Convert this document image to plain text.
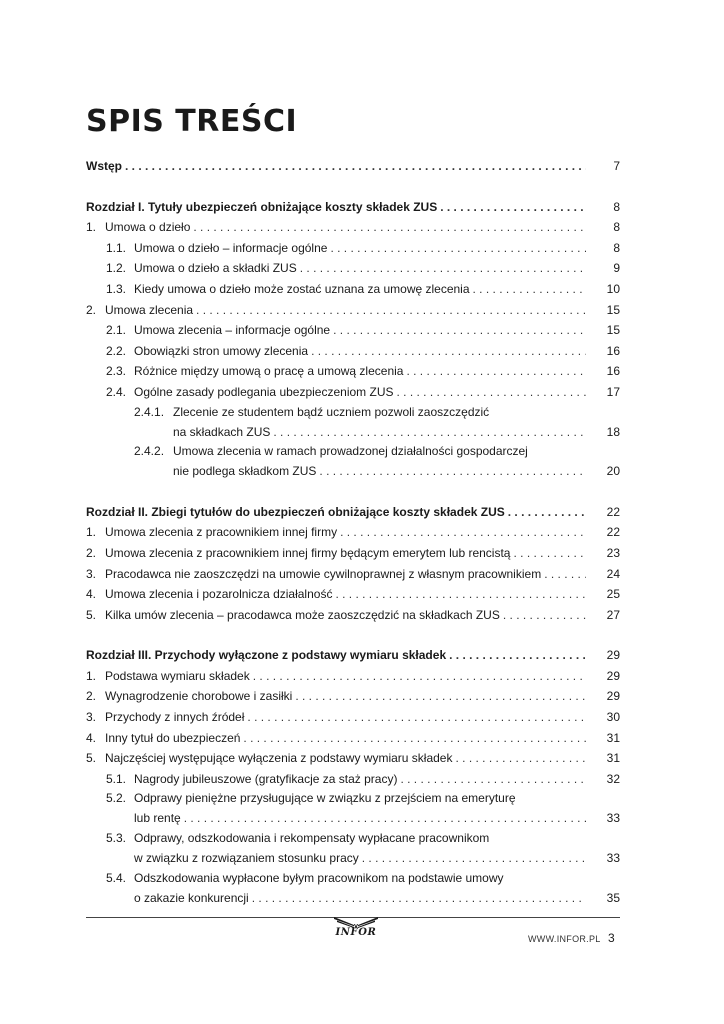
SPIS TREŚCI
Wstęp . . .	7
Rozdział I. Tytuły ubezpieczeń obniżające koszty składek ZUS . . .	8
1. Umowa o dzieło . . .	8
1.1. Umowa o dzieło – informacje ogólne . . .	8
1.2. Umowa o dzieło a składki ZUS . . .	9
1.3. Kiedy umowa o dzieło może zostać uznana za umowę zlecenia . . .	10
2. Umowa zlecenia . . .	15
2.1. Umowa zlecenia – informacje ogólne . . .	15
2.2. Obowiązki stron umowy zlecenia . . .	16
2.3. Różnice między umową o pracę a umową zlecenia . . .	16
2.4. Ogólne zasady podlegania ubezpieczeniom ZUS . . .	17
2.4.1. Zlecenie ze studentem bądź uczniem pozwoli zaoszczędzić
na składkach ZUS . . .	18
2.4.2. Umowa zlecenia w ramach prowadzonej działalności gospodarczej
nie podlega składkom ZUS . . .	20
Rozdział II. Zbiegi tytułów do ubezpieczeń obniżające koszty składek ZUS . . .	22
1. Umowa zlecenia z pracownikiem innej firmy . . .	22
2. Umowa zlecenia z pracownikiem innej firmy będącym emerytem lub rencistą . . .	23
3. Pracodawca nie zaoszczędzi na umowie cywilnoprawnej z własnym pracownikiem . . .	24
4. Umowa zlecenia i pozarolnicza działalność . . .	25
5. Kilka umów zlecenia – pracodawca może zaoszczędzić na składkach ZUS . . .	27
Rozdział III. Przychody wyłączone z podstawy wymiaru składek . . .	29
1. Podstawa wymiaru składek . . .	29
2. Wynagrodzenie chorobowe i zasiłki . . .	29
3. Przychody z innych źródeł . . .	30
4. Inny tytuł do ubezpieczeń . . .	31
5. Najczęściej występujące wyłączenia z podstawy wymiaru składek . . .	31
5.1. Nagrody jubileuszowe (gratyfikacje za staż pracy) . . .	32
5.2. Odprawy pieniężne przysługujące w związku z przejściem na emeryturę
lub rentę . . .	33
5.3. Odprawy, odszkodowania i rekompensaty wypłacane pracownikom
w związku z rozwiązaniem stosunku pracy . . .	33
5.4. Odszkodowania wypłacone byłym pracownikom na podstawie umowy
o zakazie konkurencji . . .	35
INFOR
WWW.INFOR.PL 3
